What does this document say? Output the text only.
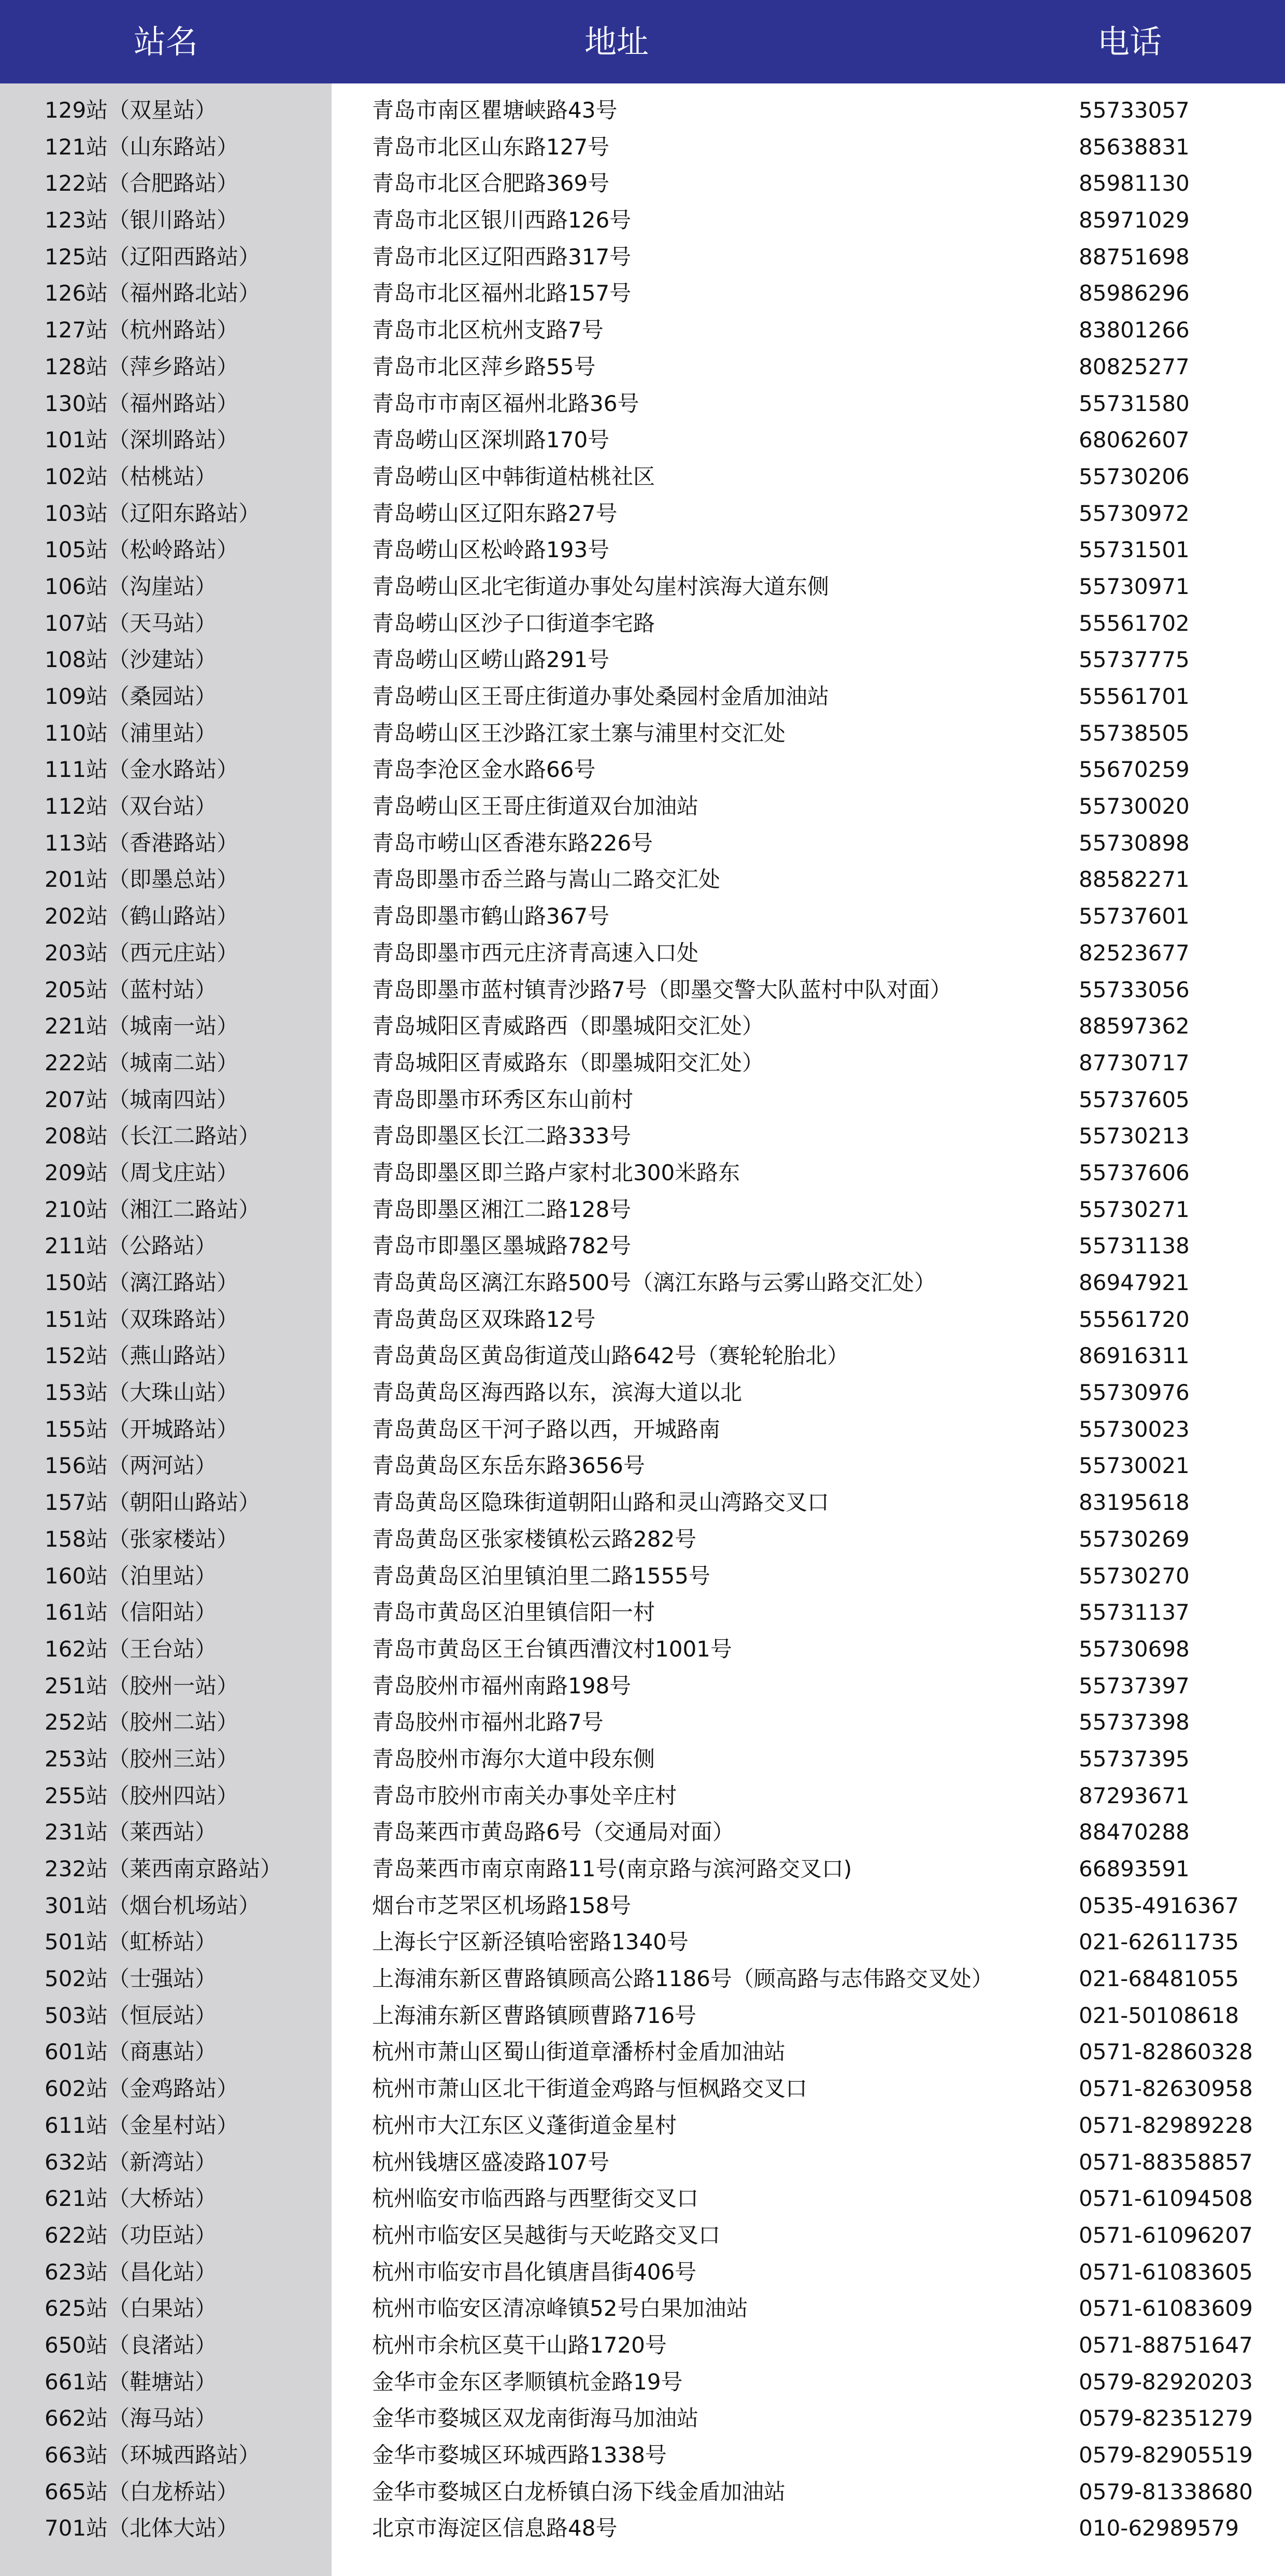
站名	地址	电话
129站（双星站）	青岛市南区瞿塘峡路43号	55733057
121站（山东路站）	青岛市北区山东路127号	85638831
122站（合肥路站）	青岛市北区合肥路369号	85981130
123站（银川路站）	青岛市北区银川西路126号	85971029
125站（辽阳西路站）	青岛市北区辽阳西路317号	88751698
126站（福州路北站）	青岛市北区福州北路157号	85986296
127站（杭州路站）	青岛市北区杭州支路7号	83801266
128站（萍乡路站）	青岛市北区萍乡路55号	80825277
130站（福州路站）	青岛市市南区福州北路36号	55731580
101站（深圳路站）	青岛崂山区深圳路170号	68062607
102站（枯桃站）	青岛崂山区中韩街道枯桃社区	55730206
103站（辽阳东路站）	青岛崂山区辽阳东路27号	55730972
105站（松岭路站）	青岛崂山区松岭路193号	55731501
106站（沟崖站）	青岛崂山区北宅街道办事处勾崖村滨海大道东侧	55730971
107站（天马站）	青岛崂山区沙子口街道李宅路	55561702
108站（沙建站）	青岛崂山区崂山路291号	55737775
109站（桑园站）	青岛崂山区王哥庄街道办事处桑园村金盾加油站	55561701
110站（浦里站）	青岛崂山区王沙路江家土寨与浦里村交汇处	55738505
111站（金水路站）	青岛李沧区金水路66号	55670259
112站（双台站）	青岛崂山区王哥庄街道双台加油站	55730020
113站（香港路站）	青岛市崂山区香港东路226号	55730898
201站（即墨总站）	青岛即墨市岙兰路与嵩山二路交汇处	88582271
202站（鹤山路站）	青岛即墨市鹤山路367号	55737601
203站（西元庄站）	青岛即墨市西元庄济青高速入口处	82523677
205站（蓝村站）	青岛即墨市蓝村镇青沙路7号（即墨交警大队蓝村中队对面）	55733056
221站（城南一站）	青岛城阳区青威路西（即墨城阳交汇处）	88597362
222站（城南二站）	青岛城阳区青威路东（即墨城阳交汇处）	87730717
207站（城南四站）	青岛即墨市环秀区东山前村	55737605
208站（长江二路站）	青岛即墨区长江二路333号	55730213
209站（周戈庄站）	青岛即墨区即兰路卢家村北300米路东	55737606
210站（湘江二路站）	青岛即墨区湘江二路128号	55730271
211站（公路站）	青岛市即墨区墨城路782号	55731138
150站（漓江路站）	青岛黄岛区漓江东路500号（漓江东路与云雾山路交汇处）	86947921
151站（双珠路站）	青岛黄岛区双珠路12号	55561720
152站（燕山路站）	青岛黄岛区黄岛街道茂山路642号（赛轮轮胎北）	86916311
153站（大珠山站）	青岛黄岛区海西路以东，滨海大道以北	55730976
155站（开城路站）	青岛黄岛区干河子路以西，开城路南	55730023
156站（两河站）	青岛黄岛区东岳东路3656号	55730021
157站（朝阳山路站）	青岛黄岛区隐珠街道朝阳山路和灵山湾路交叉口	83195618
158站（张家楼站）	青岛黄岛区张家楼镇松云路282号	55730269
160站（泊里站）	青岛黄岛区泊里镇泊里二路1555号	55730270
161站（信阳站）	青岛市黄岛区泊里镇信阳一村	55731137
162站（王台站）	青岛市黄岛区王台镇西漕汶村1001号	55730698
251站（胶州一站）	青岛胶州市福州南路198号	55737397
252站（胶州二站）	青岛胶州市福州北路7号	55737398
253站（胶州三站）	青岛胶州市海尔大道中段东侧	55737395
255站（胶州四站）	青岛市胶州市南关办事处辛庄村	87293671
231站（莱西站）	青岛莱西市黄岛路6号（交通局对面）	88470288
232站（莱西南京路站）	青岛莱西市南京南路11号(南京路与滨河路交叉口)	66893591
301站（烟台机场站）	烟台市芝罘区机场路158号	0535-4916367
501站（虹桥站）	上海长宁区新泾镇哈密路1340号	021-62611735
502站（士强站）	上海浦东新区曹路镇顾高公路1186号（顾高路与志伟路交叉处）	021-68481055
503站（恒辰站）	上海浦东新区曹路镇顾曹路716号	021-50108618
601站（商惠站）	杭州市萧山区蜀山街道章潘桥村金盾加油站	0571-82860328
602站（金鸡路站）	杭州市萧山区北干街道金鸡路与恒枫路交叉口	0571-82630958
611站（金星村站）	杭州市大江东区义蓬街道金星村	0571-82989228
632站（新湾站）	杭州钱塘区盛凌路107号	0571-88358857
621站（大桥站）	杭州临安市临西路与西墅街交叉口	0571-61094508
622站（功臣站）	杭州市临安区吴越街与天屹路交叉口	0571-61096207
623站（昌化站）	杭州市临安市昌化镇唐昌街406号	0571-61083605
625站（白果站）	杭州市临安区清凉峰镇52号白果加油站	0571-61083609
650站（良渚站）	杭州市余杭区莫干山路1720号	0571-88751647
661站（鞋塘站）	金华市金东区孝顺镇杭金路19号	0579-82920203
662站（海马站）	金华市婺城区双龙南街海马加油站	0579-82351279
663站（环城西路站）	金华市婺城区环城西路1338号	0579-82905519
665站（白龙桥站）	金华市婺城区白龙桥镇白汤下线金盾加油站	0579-81338680
701站（北体大站）	北京市海淀区信息路48号	010-62989579
